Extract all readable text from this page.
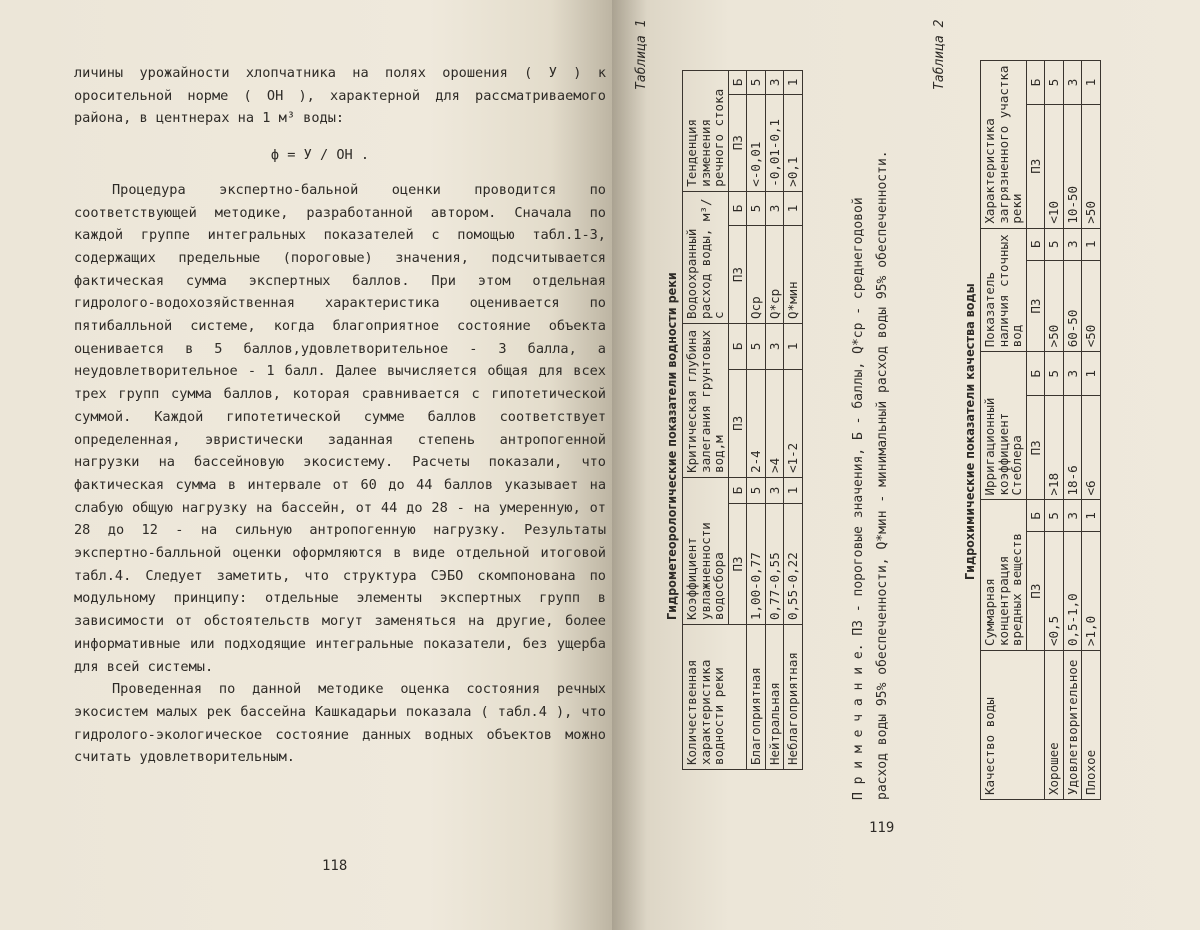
личины урожайности хлопчатника на полях орошения ( У ) к оросительной норме ( ОН ), характерной для рассматриваемого района, в центнерах на 1 м³ воды:

ф = У / ОН .

Процедура экспертно-бальной оценки проводится по соответствующей методике, разработанной автором. Сначала по каждой группе интегральных показателей с помощью табл.1-3, содержащих предельные (пороговые) значения, подсчитывается фактическая сумма экспертных баллов. При этом отдельная гидролого-водохозяйственная характеристика оценивается по пятибалльной системе, когда благоприятное состояние объекта оценивается в 5 баллов,удовлетворительное - 3 балла, а неудовлетворительное - 1 балл. Далее вычисляется общая для всех трех групп сумма баллов, которая сравнивается с гипотетической суммой. Каждой гипотетической сумме баллов соответствует определенная, эвристически заданная степень антропогенной нагрузки на бассейновую экосистему. Расчеты показали, что фактическая сумма в интервале от 60 до 44 баллов указывает на слабую общую нагрузку на бассейн, от 44 до 28 - на умеренную, от 28 до 12 - на сильную антропогенную нагрузку. Результаты экспертно-балльной оценки оформляются в виде отдельной итоговой табл.4. Следует заметить, что структура СЭБО скомпонована по модульному принципу: отдельные элементы экспертных групп в зависимости от обстоятельств могут заменяться на другие, более информативные или подходящие интегральные показатели, без ущерба для всей системы.

Проведенная по данной методике оценка состояния речных экосистем малых рек бассейна Кашкадарьи показала ( табл.4 ), что гидролого-экологическое состояние данных водных объектов можно считать удовлетворительным.

118
Таблица 1
Гидрометеорологические показатели водности реки
Количественная характеристика водности реки	Коэффициент увлажненности водосбора		Критическая глубина залегания грунтовых вод,м		Водоохранный расход воды, м³/с		Тенденция изменения речного стока	
	ПЗ	Б	ПЗ	Б	ПЗ	Б	ПЗ	Б
Благоприятная	1,00-0,77	5	2-4	5	Qср	5	<-0,01	5
Нейтральная	0,77-0,55	3	>4	3	Q*ср	3	-0,01-0,1	3
Неблагоприятная	0,55-0,22	1	<1-2	1	Q*мин	1	>0,1	1
П р и м е ч а н и е. ПЗ - пороговые значения, Б - баллы, Q*ср - среднегодовой расход воды 95% обеспеченности, Q*мин - минимальный расход воды 95% обеспеченности.
Таблица 2
Гидрохимические показатели качества воды
Качество воды	Суммарная концентрация вредных веществ		Ирригационный коэффициент Стеблера		Показатель наличия сточных вод		Характеристика загрязненного участка реки	
	ПЗ	Б	ПЗ	Б	ПЗ	Б	ПЗ	Б
Хорошее	<0,5	5	>18	5	>50	5	<10	5
Удовлетворительное	0,5-1,0	3	18-6	3	60-50	3	10-50	3
Плохое	>1,0	1	<6	1	<50	1	>50	1
119
